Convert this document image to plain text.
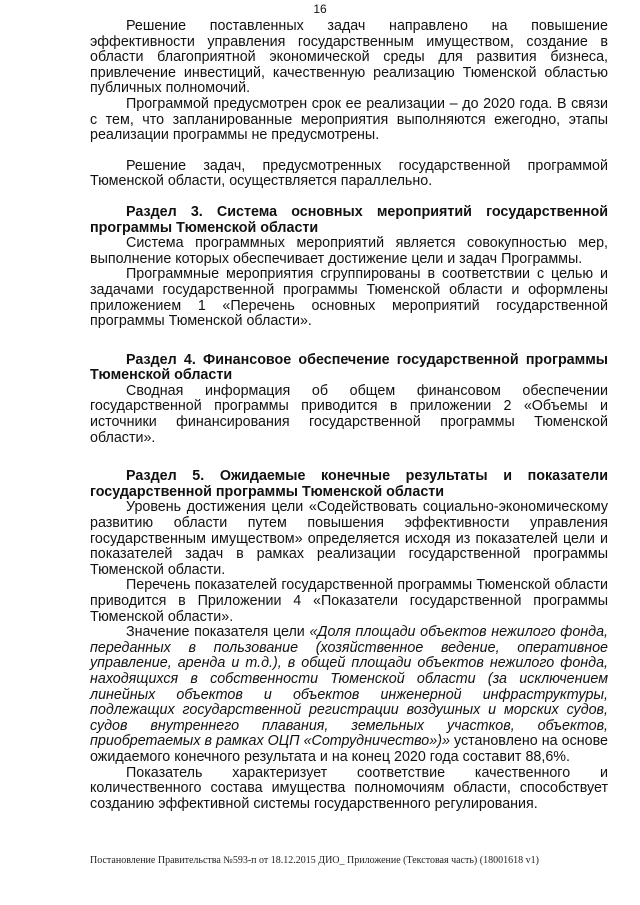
16

Решение поставленных задач направлено на повышение эффективности управления государственным имуществом, создание в области благоприятной экономической среды для развития бизнеса, привлечение инвестиций, качественную реализацию Тюменской областью публичных полномочий.

Программой предусмотрен срок ее реализации – до 2020 года. В связи с тем, что запланированные мероприятия выполняются ежегодно, этапы реализации программы не предусмотрены.

Решение задач, предусмотренных государственной программой Тюменской области, осуществляется параллельно.

Раздел 3. Система основных мероприятий государственной программы Тюменской области

Система программных мероприятий является совокупностью мер, выполнение которых обеспечивает достижение цели и задач Программы.

Программные мероприятия сгруппированы в соответствии с целью и задачами государственной программы Тюменской области и оформлены приложением 1 «Перечень основных мероприятий государственной программы Тюменской области».

Раздел 4. Финансовое обеспечение государственной программы Тюменской области

Сводная информация об общем финансовом обеспечении государственной программы приводится в приложении 2 «Объемы и источники финансирования государственной программы Тюменской области».

Раздел 5. Ожидаемые конечные результаты и показатели государственной программы Тюменской области

Уровень достижения цели «Содействовать социально-экономическому развитию области путем повышения эффективности управления государственным имуществом» определяется исходя из показателей цели и показателей задач в рамках реализации государственной программы Тюменской области.

Перечень показателей государственной программы Тюменской области приводится в Приложении 4 «Показатели государственной программы Тюменской области».

Значение показателя цели «Доля площади объектов нежилого фонда, переданных в пользование (хозяйственное ведение, оперативное управление, аренда и т.д.), в общей площади объектов нежилого фонда, находящихся в собственности Тюменской области (за исключением линейных объектов и объектов инженерной инфраструктуры, подлежащих государственной регистрации воздушных и морских судов, судов внутреннего плавания, земельных участков, объектов, приобретаемых в рамках ОЦП «Сотрудничество»)» установлено на основе ожидаемого конечного результата и на конец 2020 года составит 88,6%.

Показатель характеризует соответствие качественного и количественного состава имущества полномочиям области, способствует созданию эффективной системы государственного регулирования.

Постановление Правительства №593-п от 18.12.2015 ДИО_ Приложение (Текстовая часть) (18001618 v1)
